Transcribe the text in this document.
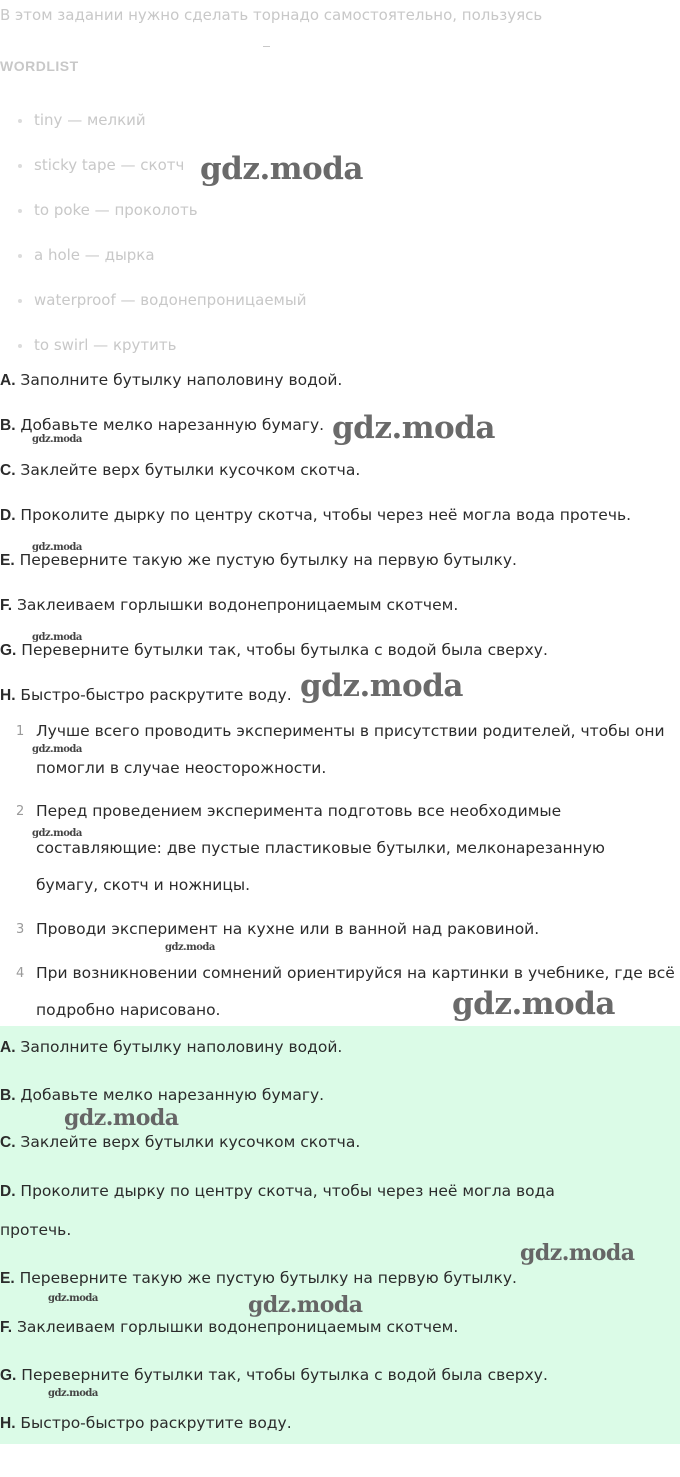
В этом задании нужно сделать торнадо самостоятельно, пользуясь
WORDLIST
tiny — мелкий
sticky tape — скотч
to poke — проколоть
a hole — дырка
waterproof — водонепроницаемый
to swirl — крутить
A. Заполните бутылку наполовину водой.
B. Добавьте мелко нарезанную бумагу.
C. Заклейте верх бутылки кусочком скотча.
D. Проколите дырку по центру скотча, чтобы через неё могла вода протечь.
E. Переверните такую же пустую бутылку на первую бутылку.
F. Заклеиваем горлышки водонепроницаемым скотчем.
G. Переверните бутылки так, чтобы бутылка с водой была сверху.
H. Быстро-быстро раскрутите воду.
1 Лучше всего проводить эксперименты в присутствии родителей, чтобы они помогли в случае неосторожности.
2 Перед проведением эксперимента подготовь все необходимые составляющие: две пустые пластиковые бутылки, мелконарезанную бумагу, скотч и ножницы.
3 Проводи эксперимент на кухне или в ванной над раковиной.
4 При возникновении сомнений ориентируйся на картинки в учебнике, где всё подробно нарисовано.
A. Заполните бутылку наполовину водой.
B. Добавьте мелко нарезанную бумагу.
C. Заклейте верх бутылки кусочком скотча.
D. Проколите дырку по центру скотча, чтобы через неё могла вода
протечь.
E. Переверните такую же пустую бутылку на первую бутылку.
F. Заклеиваем горлышки водонепроницаемым скотчем.
G. Переверните бутылки так, чтобы бутылка с водой была сверху.
H. Быстро-быстро раскрутите воду.
gdz.moda
gdz.moda
gdz.moda
gdz.moda
gdz.moda
gdz.moda
gdz.moda
gdz.moda
gdz.moda
gdz.moda
gdz.moda
gdz.moda
gdz.moda	gdz.moda
gdz.moda
